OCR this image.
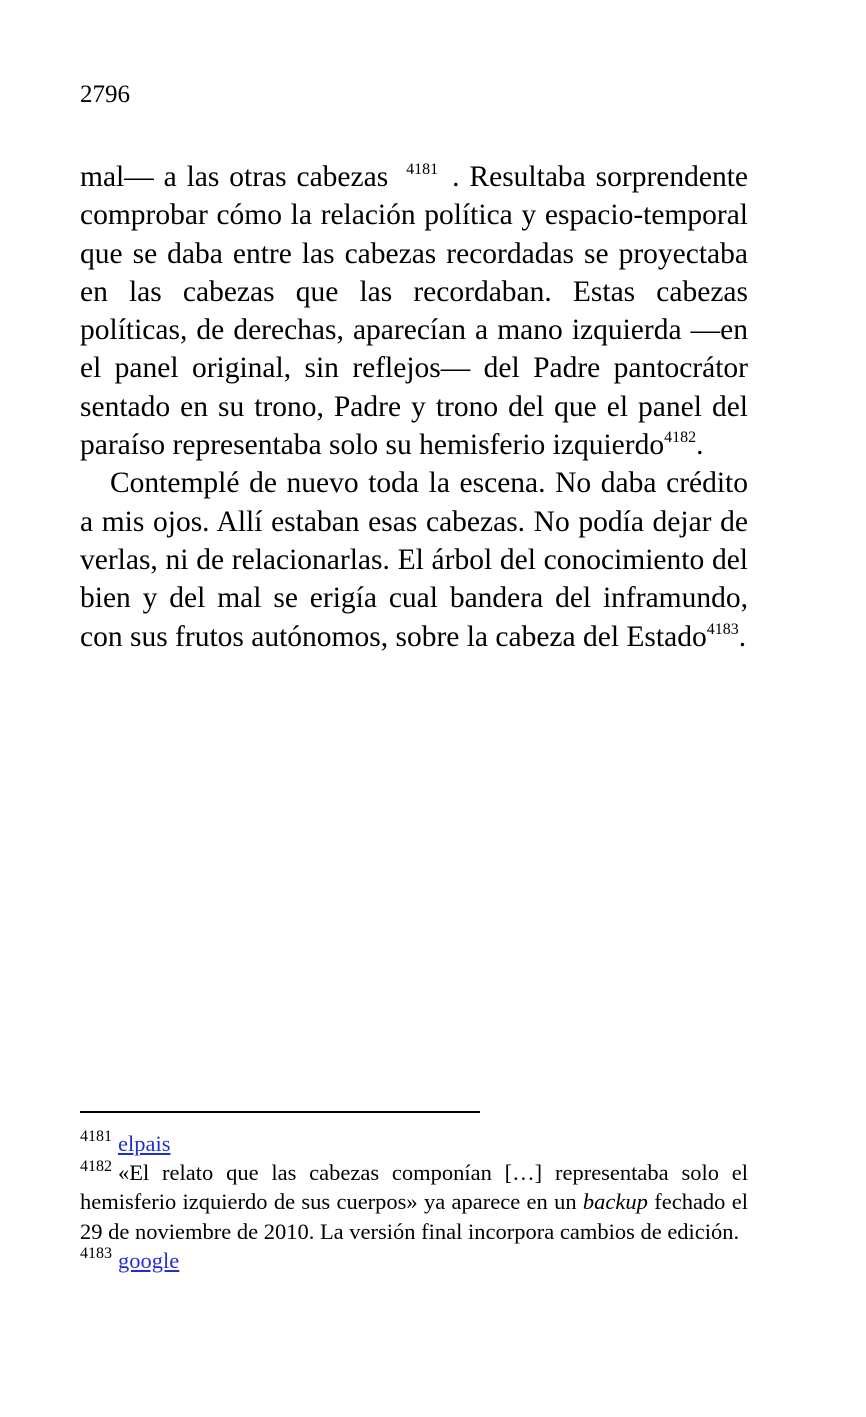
2796

mal— a las otras cabezas $^{4181}$ . Resultaba sorprendente comprobar cómo la relación política y espacio-temporal que se daba entre las cabezas recordadas se proyectaba en las cabezas que las recordaban. Estas cabezas políticas, de derechas, aparecían a mano izquierda —en el panel original, sin reflejos— del Padre pantocrátor sentado en su trono, Padre y trono del que el panel del paraíso representaba solo su hemisferio izquierdo$^{4182}$.

Contemplé de nuevo toda la escena. No daba crédito a mis ojos. Allí estaban esas cabezas. No podía dejar de verlas, ni de relacionarlas. El árbol del conocimiento del bien y del mal se erigía cual bandera del inframundo, con sus frutos autónomos, sobre la cabeza del Estado$^{4183}$.

$^{4181}$ elpais

$^{4182}$ «El relato que las cabezas componían […] representaba solo el hemisferio izquierdo de sus cuerpos» ya aparece en un backup fechado el 29 de noviembre de 2010. La versión final incorpora cambios de edición.

$^{4183}$ google
